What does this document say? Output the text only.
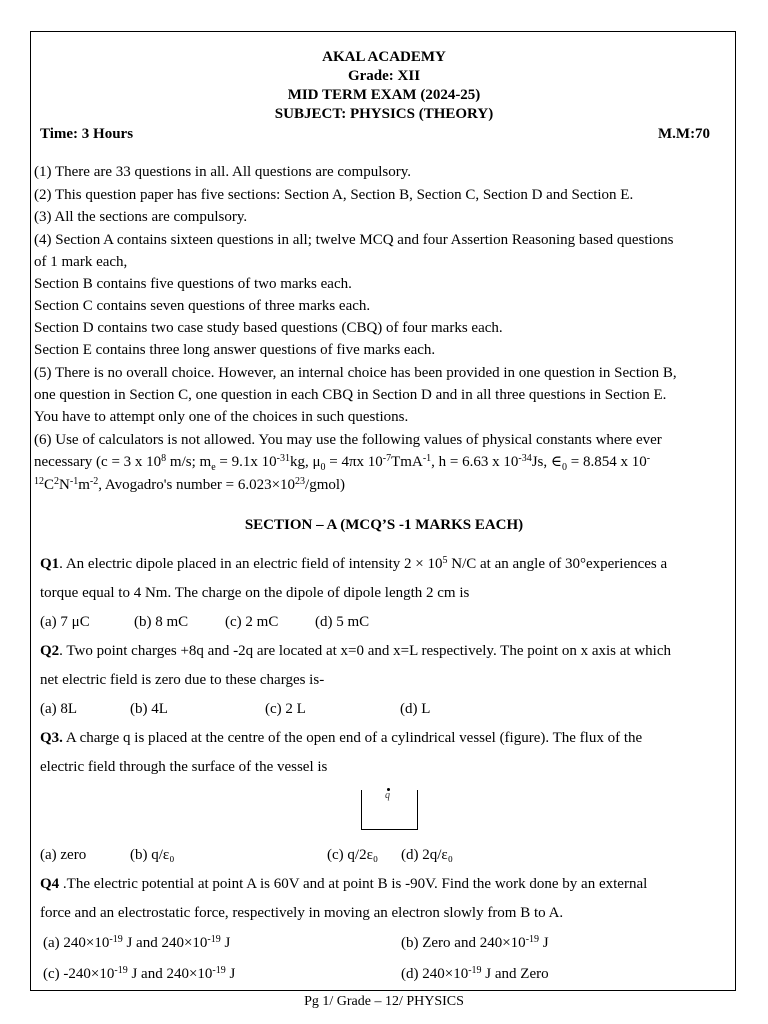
AKAL ACADEMY
Grade: XII
MID TERM EXAM (2024-25)
SUBJECT: PHYSICS (THEORY)
Time: 3 Hours	M.M:70
(1) There are 33 questions in all. All questions are compulsory.
(2) This question paper has five sections: Section A, Section B, Section C, Section D and Section E.
(3) All the sections are compulsory.
(4) Section A contains sixteen questions in all; twelve MCQ and four Assertion Reasoning based questions
of 1 mark each,
Section B contains five questions of two marks each.
Section C contains seven questions of three marks each.
Section D contains two case study based questions (CBQ) of four marks each.
Section E contains three long answer questions of five marks each.
(5) There is no overall choice. However, an internal choice has been provided in one question in Section B,
one question in Section C, one question in each CBQ in Section D and in all three questions in Section E.
You have to attempt only one of the choices in such questions.
(6) Use of calculators is not allowed. You may use the following values of physical constants where ever
necessary (c = 3 x $10^8$ m/s; $m_e = 9.1x$ $10^{-31}kg$, $\mu_0 = 4\pi x$ $10^{-7}TmA^{-1}$, h = 6.63 x $10^{-34}Js$, $\in_0 = 8.854$ x 10-
$^{12}C^2N^{-1}m^{-2}$, Avogadro's number = $6.023\times 10^{23}/gmol$)
SECTION – A (MCQ’S -1 MARKS EACH)
Q1. An electric dipole placed in an electric field of intensity $2 \times 10^5$ N/C at an angle of 30°experiences a
torque equal to 4 Nm. The charge on the dipole of dipole length 2 cm is
(a) 7 μC	(b) 8 mC (c) 2 mC (d) 5 mC
Q2. Two point charges +8q and -2q are located at x=0 and x=L respectively. The point on x axis at which
net electric field is zero due to these charges is-
(a) 8L	(b) 4L	(c) 2 L	(d) L
Q3. A charge q is placed at the centre of the open end of a cylindrical vessel (figure). The flux of the
electric field through the surface of the vessel is
q
(a) zero	(b) q/ε₀	(c) q/2ε₀ (d) 2q/ε₀
Q4 .The electric potential at point A is 60V and at point B is -90V. Find the work done by an external
force and an electrostatic force, respectively in moving an electron slowly from B to A.
(a) $240\times 10^{-19}$ J and $240\times 10^{-19}$ J	(b) Zero and $240\times 10^{-19}$ J
(c) $-240\times 10^{-19}$ J and $240\times 10^{-19}$ J	(d) $240\times 10^{-19}$ J and Zero
Pg 1/ Grade – 12/ PHYSICS
